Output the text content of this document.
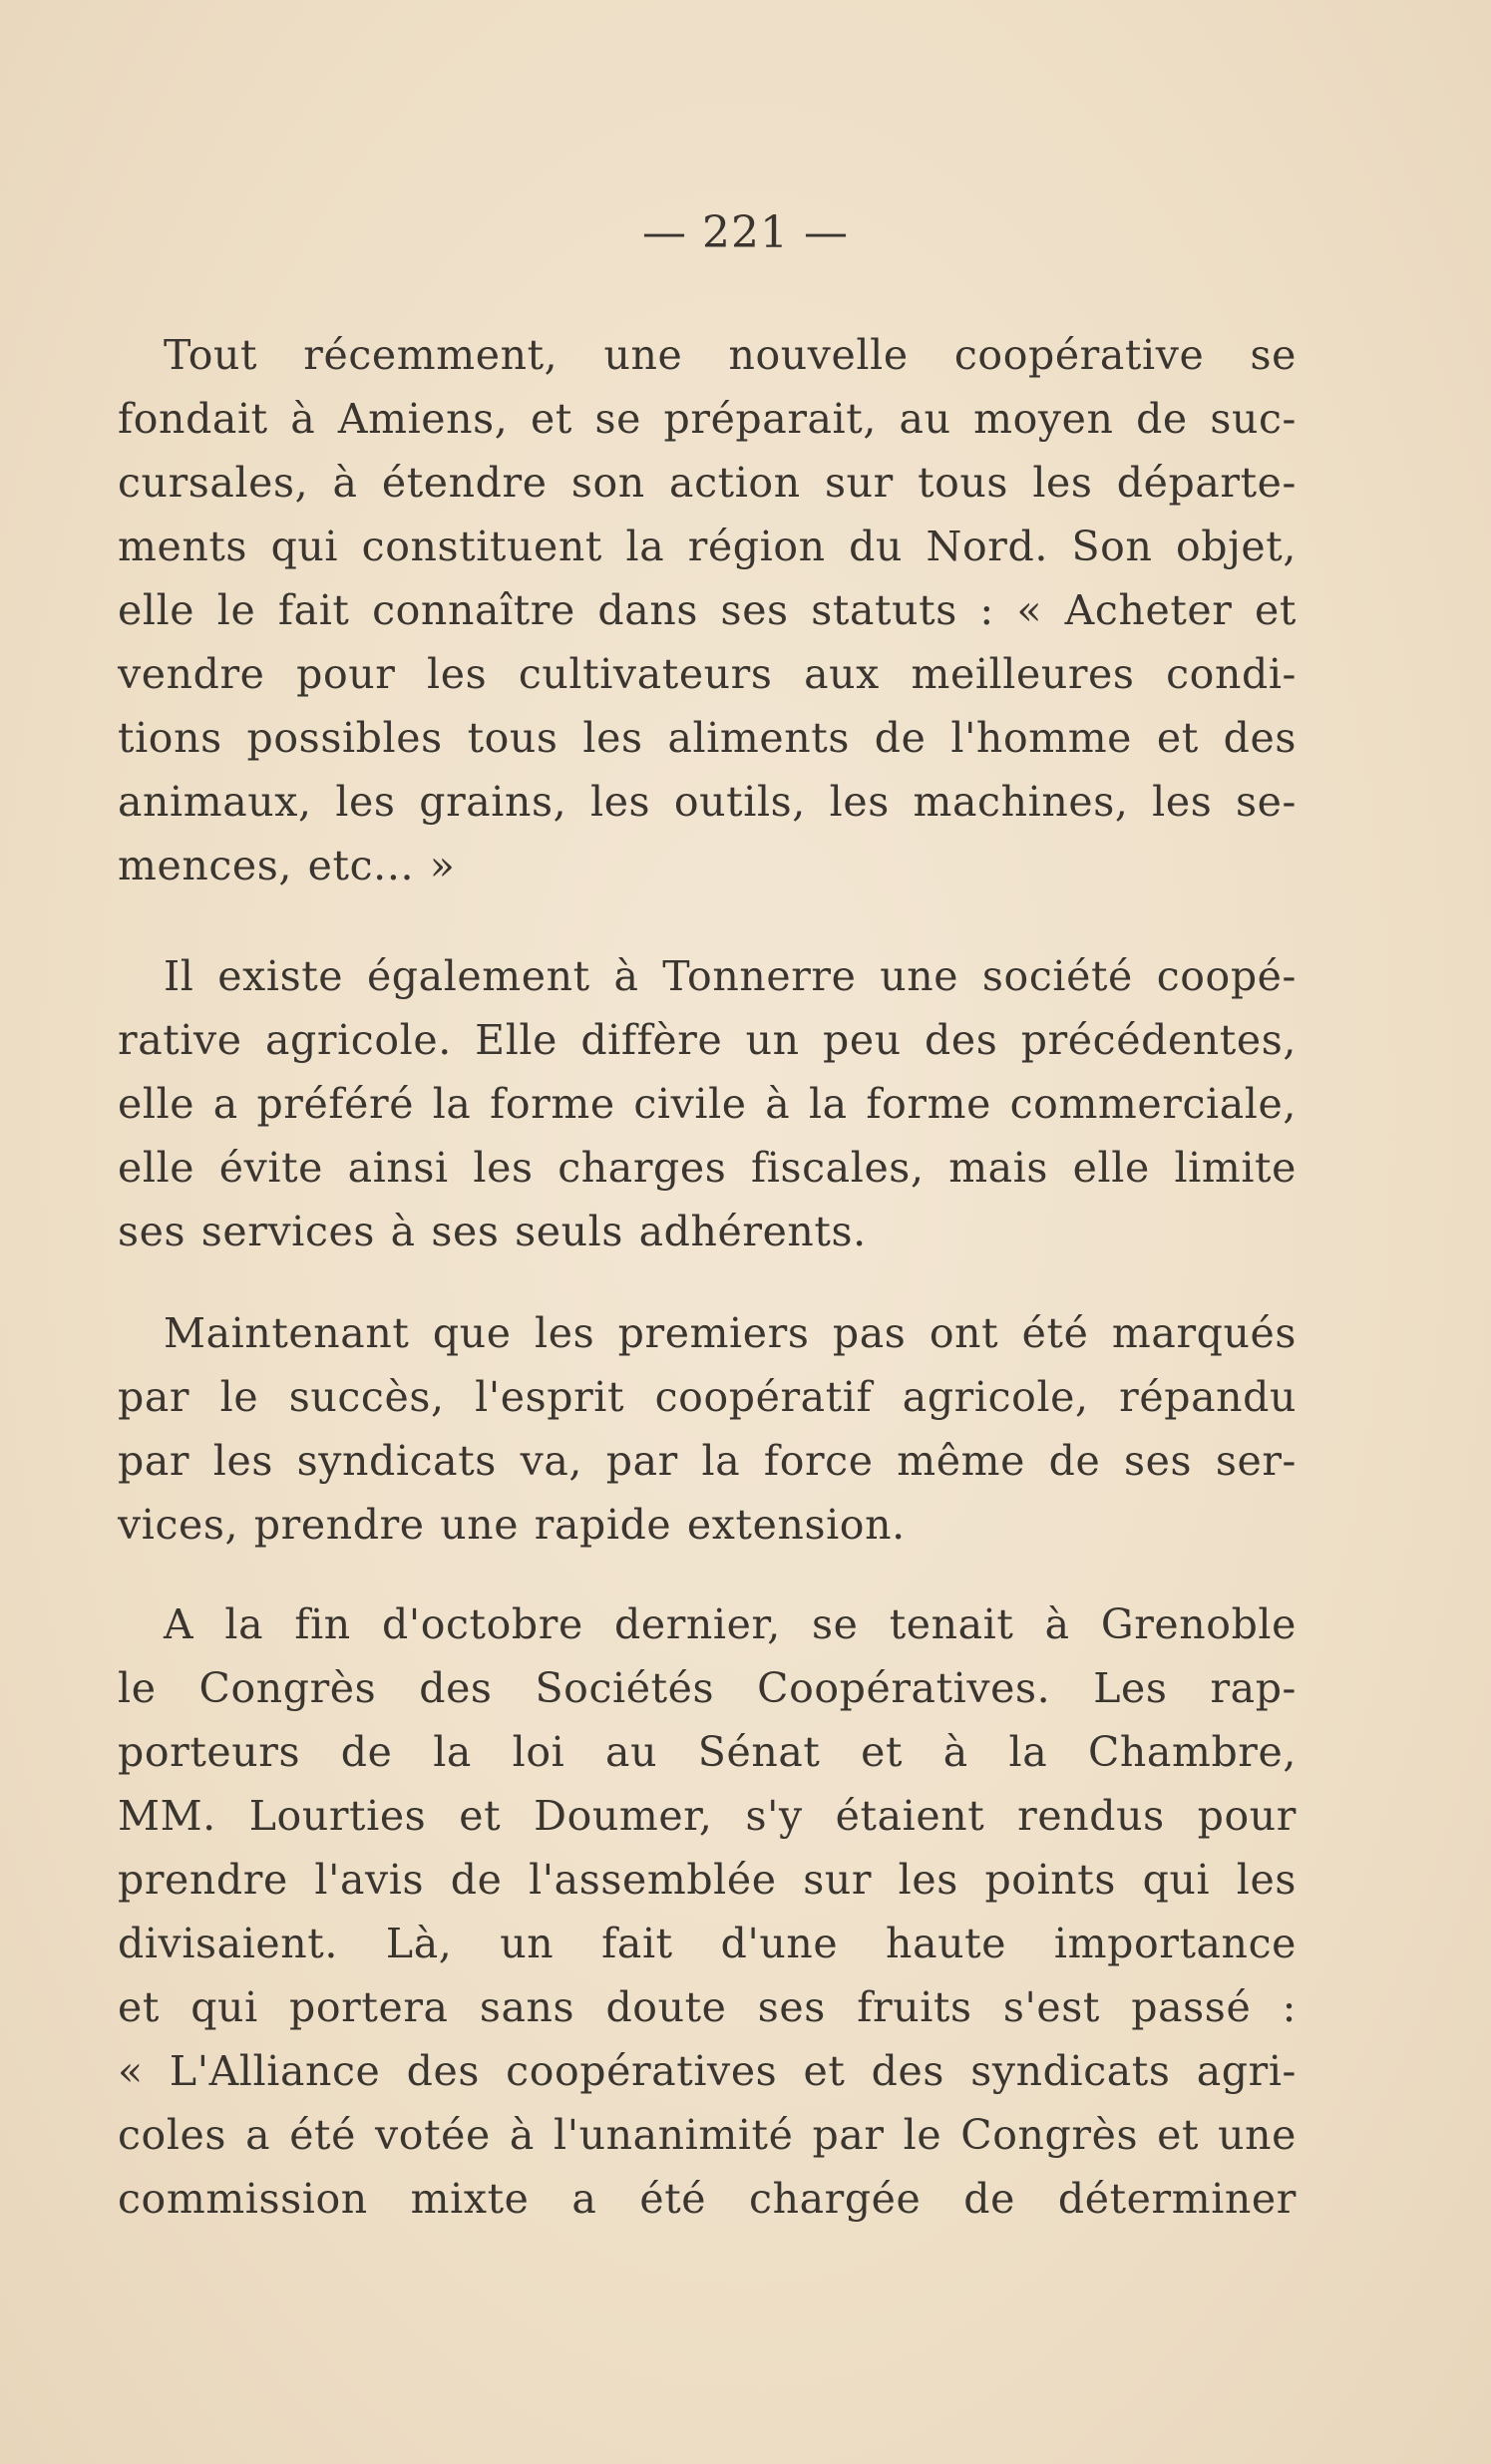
— 221 —
Tout récemment, une nouvelle coopérative se
fondait à Amiens, et se préparait, au moyen de suc-
cursales, à étendre son action sur tous les départe-
ments qui constituent la région du Nord. Son objet,
elle le fait connaître dans ses statuts : « Acheter et
vendre pour les cultivateurs aux meilleures condi-
tions possibles tous les aliments de l'homme et des
animaux, les grains, les outils, les machines, les se-
mences, etc... »
Il existe également à Tonnerre une société coopé-
rative agricole. Elle diffère un peu des précédentes,
elle a préféré la forme civile à la forme commerciale,
elle évite ainsi les charges fiscales, mais elle limite
ses services à ses seuls adhérents.
Maintenant que les premiers pas ont été marqués
par le succès, l'esprit coopératif agricole, répandu
par les syndicats va, par la force même de ses ser-
vices, prendre une rapide extension.
A la fin d'octobre dernier, se tenait à Grenoble
le Congrès des Sociétés Coopératives. Les rap-
porteurs de la loi au Sénat et à la Chambre,
MM. Lourties et Doumer, s'y étaient rendus pour
prendre l'avis de l'assemblée sur les points qui les
divisaient. Là, un fait d'une haute importance
et qui portera sans doute ses fruits s'est passé :
« L'Alliance des coopératives et des syndicats agri-
coles a été votée à l'unanimité par le Congrès et une
commission mixte a été chargée de déterminer
